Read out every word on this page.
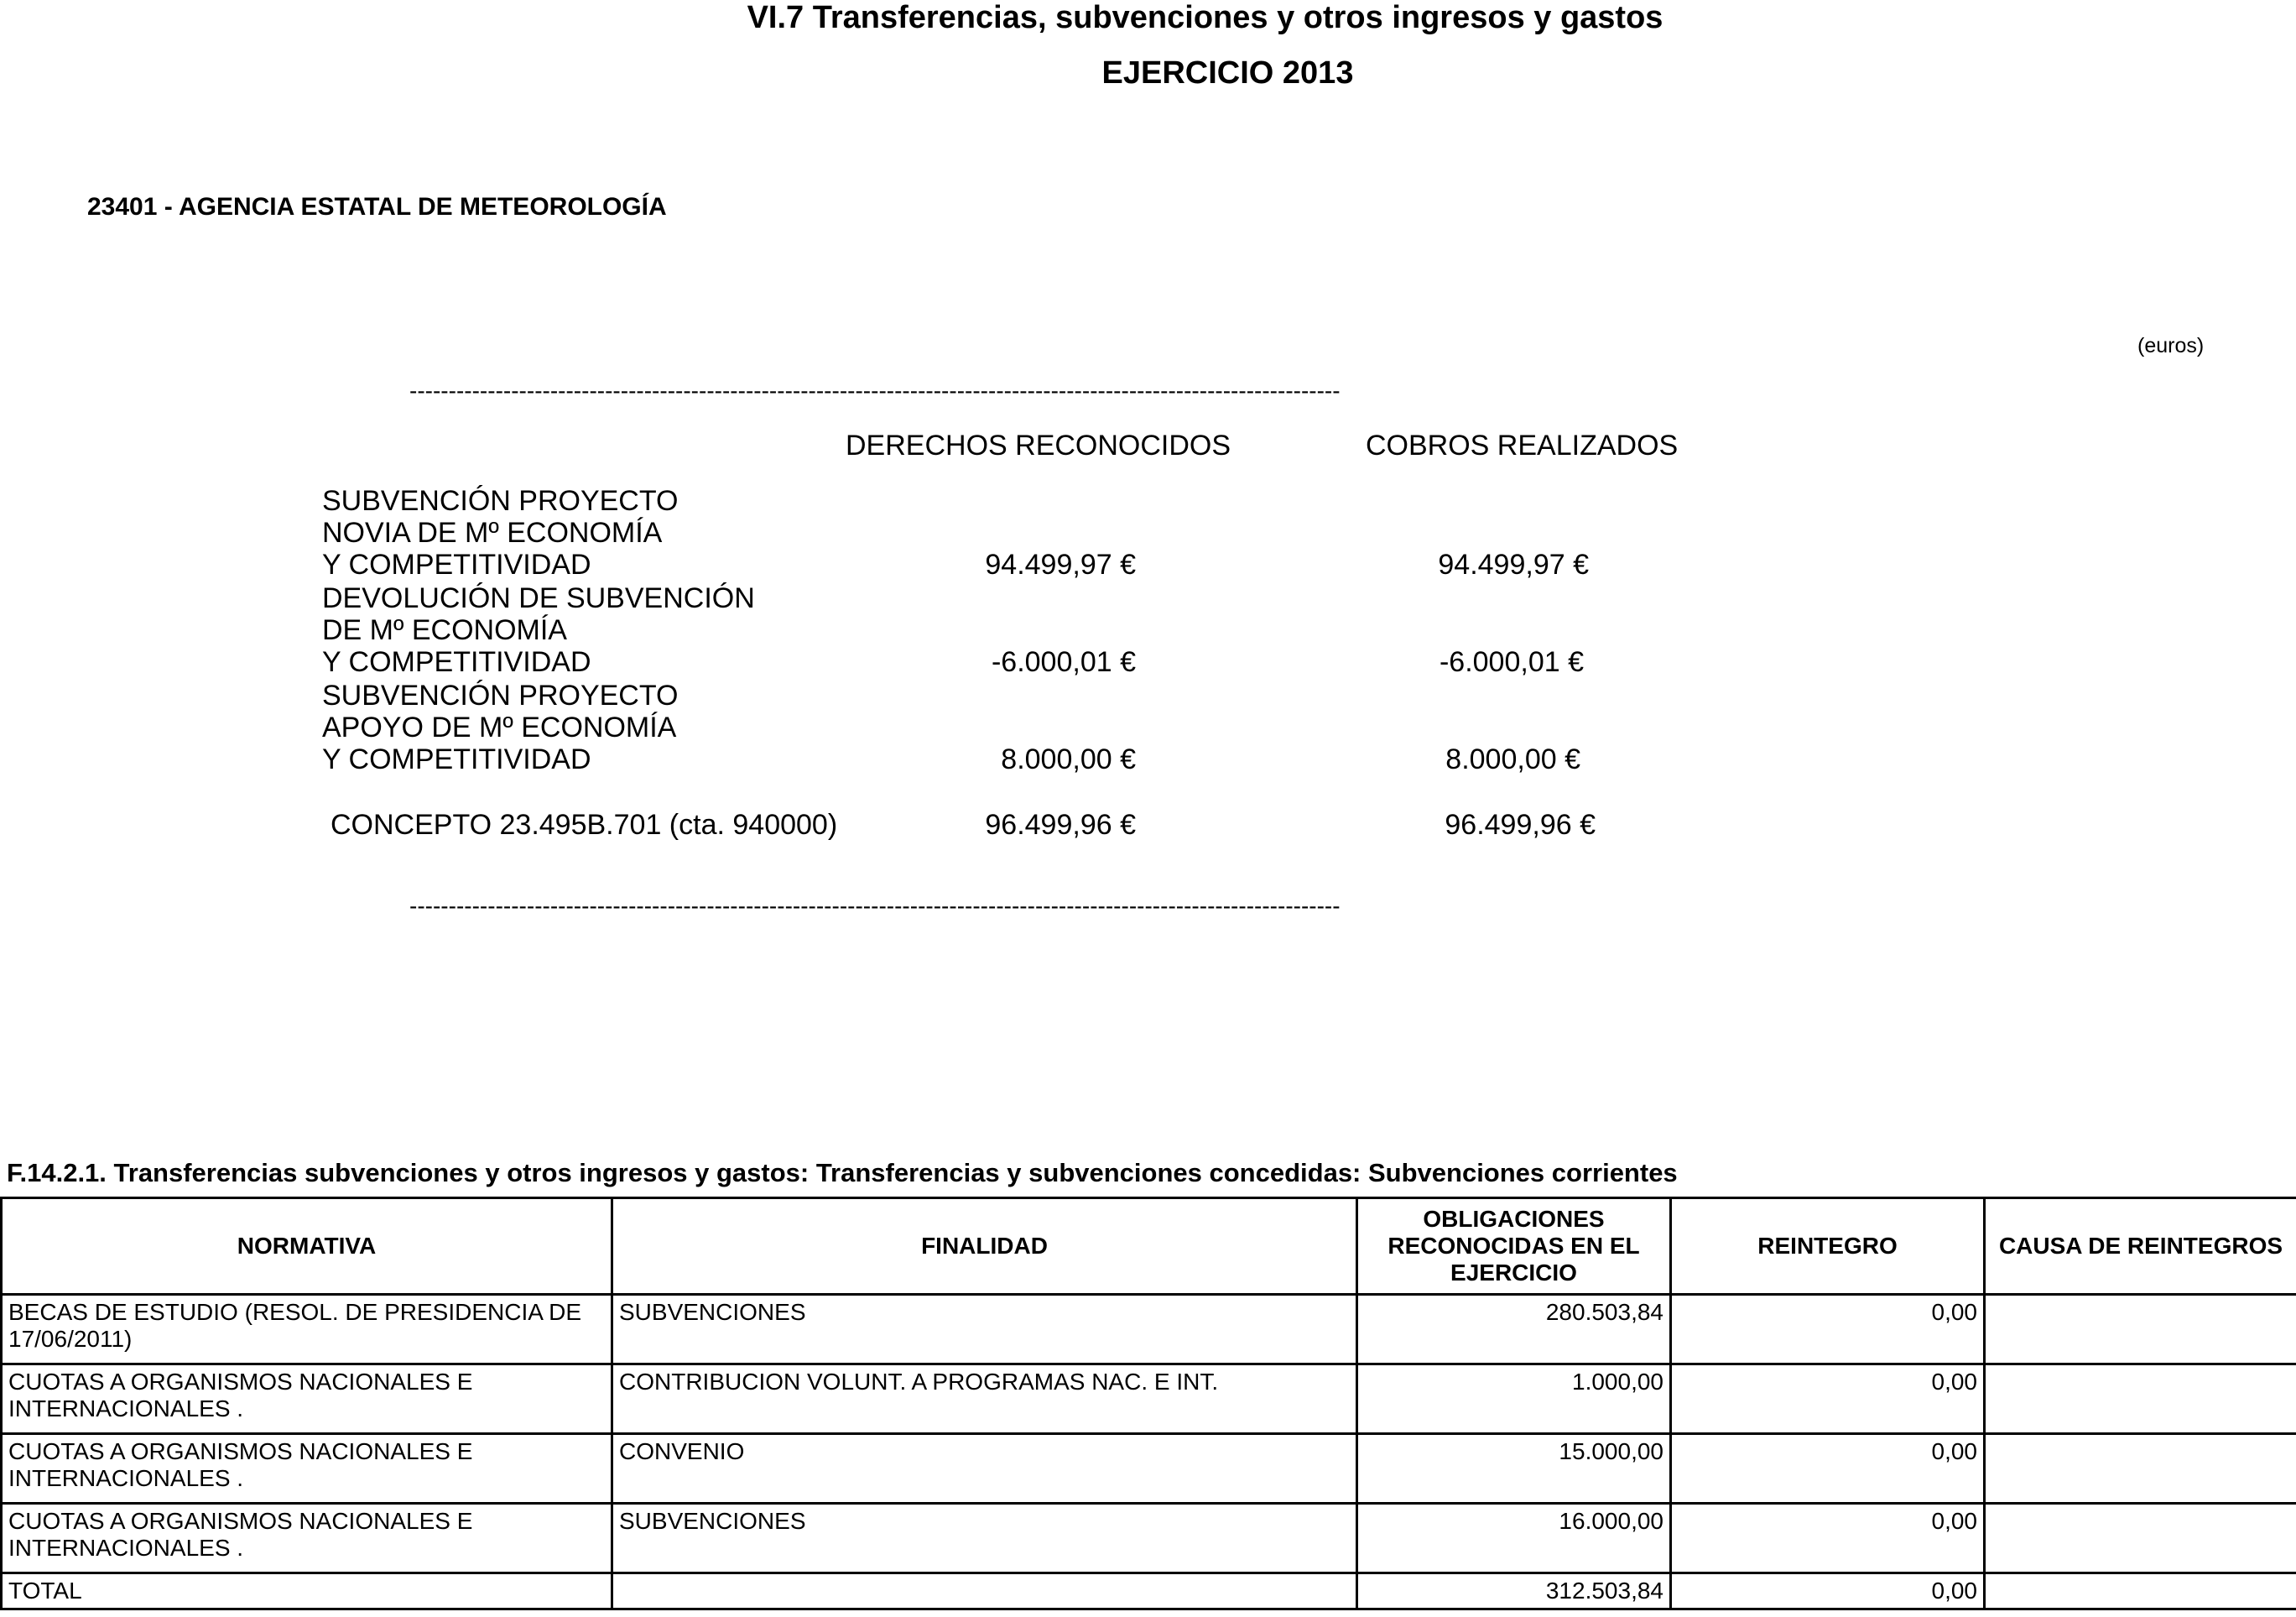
VI.7 Transferencias, subvenciones y otros ingresos y gastos
EJERCICIO 2013
23401 - AGENCIA ESTATAL DE METEOROLOGÍA
(euros)
-----------------------------------------------------------------------------------------------------------------------
DERECHOS RECONOCIDOS	COBROS REALIZADOS
SUBVENCIÓN PROYECTO
NOVIA DE Mº ECONOMÍA
Y COMPETITIVIDAD	94.499,97 €	94.499,97 €
DEVOLUCIÓN DE SUBVENCIÓN
DE Mº ECONOMÍA
Y COMPETITIVIDAD	-6.000,01 €	-6.000,01 €
SUBVENCIÓN PROYECTO
APOYO DE Mº ECONOMÍA
Y COMPETITIVIDAD	8.000,00 €	8.000,00 €
CONCEPTO 23.495B.701 (cta. 940000)	96.499,96 €	96.499,96 €
-----------------------------------------------------------------------------------------------------------------------
F.14.2.1. Transferencias subvenciones y otros ingresos y gastos: Transferencias y subvenciones concedidas: Subvenciones corrientes
NORMATIVA	FINALIDAD	OBLIGACIONES RECONOCIDAS EN EL EJERCICIO	REINTEGRO	CAUSA DE REINTEGROS
BECAS DE ESTUDIO (RESOL. DE PRESIDENCIA DE 17/06/2011)	SUBVENCIONES	280.503,84	0,00	
CUOTAS A ORGANISMOS NACIONALES E INTERNACIONALES .	CONTRIBUCION VOLUNT. A PROGRAMAS NAC. E INT.	1.000,00	0,00	
CUOTAS A ORGANISMOS NACIONALES E INTERNACIONALES .	CONVENIO	15.000,00	0,00	
CUOTAS A ORGANISMOS NACIONALES E INTERNACIONALES .	SUBVENCIONES	16.000,00	0,00	
TOTAL		312.503,84	0,00	
